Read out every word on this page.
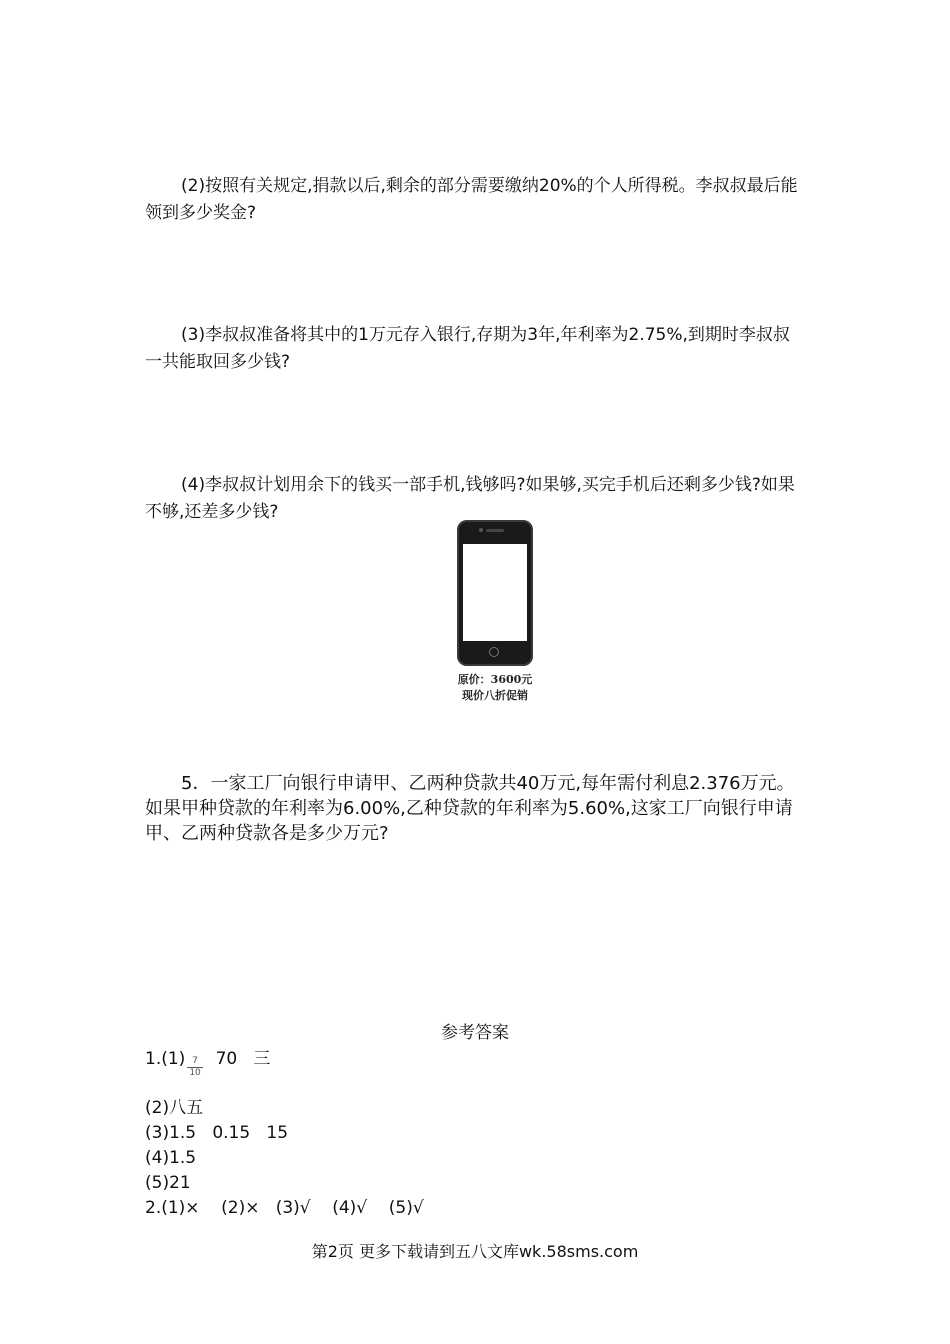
(2)按照有关规定,捐款以后,剩余的部分需要缴纳20%的个人所得税。李叔叔最后能领到多少奖金?

(3)李叔叔准备将其中的1万元存入银行,存期为3年,年利率为2.75%,到期时李叔叔一共能取回多少钱?

(4)李叔叔计划用余下的钱买一部手机,钱够吗?如果够,买完手机后还剩多少钱?如果不够,还差多少钱?

原价：3600元
现价八折促销

5．一家工厂向银行申请甲、乙两种贷款共40万元,每年需付利息2.376万元。如果甲种贷款的年利率为6.00%,乙种贷款的年利率为5.60%,这家工厂向银行申请甲、乙两种贷款各是多少万元?

参考答案
$1.(1) \frac{7}{10} 70$   三
(2)八五
(3)1.5   0.15   15
(4)1.5
(5)21
2.(1)×    (2)×   (3)√    (4)√    (5)√
第2页 更多下载请到五八文库wk.58sms.com
